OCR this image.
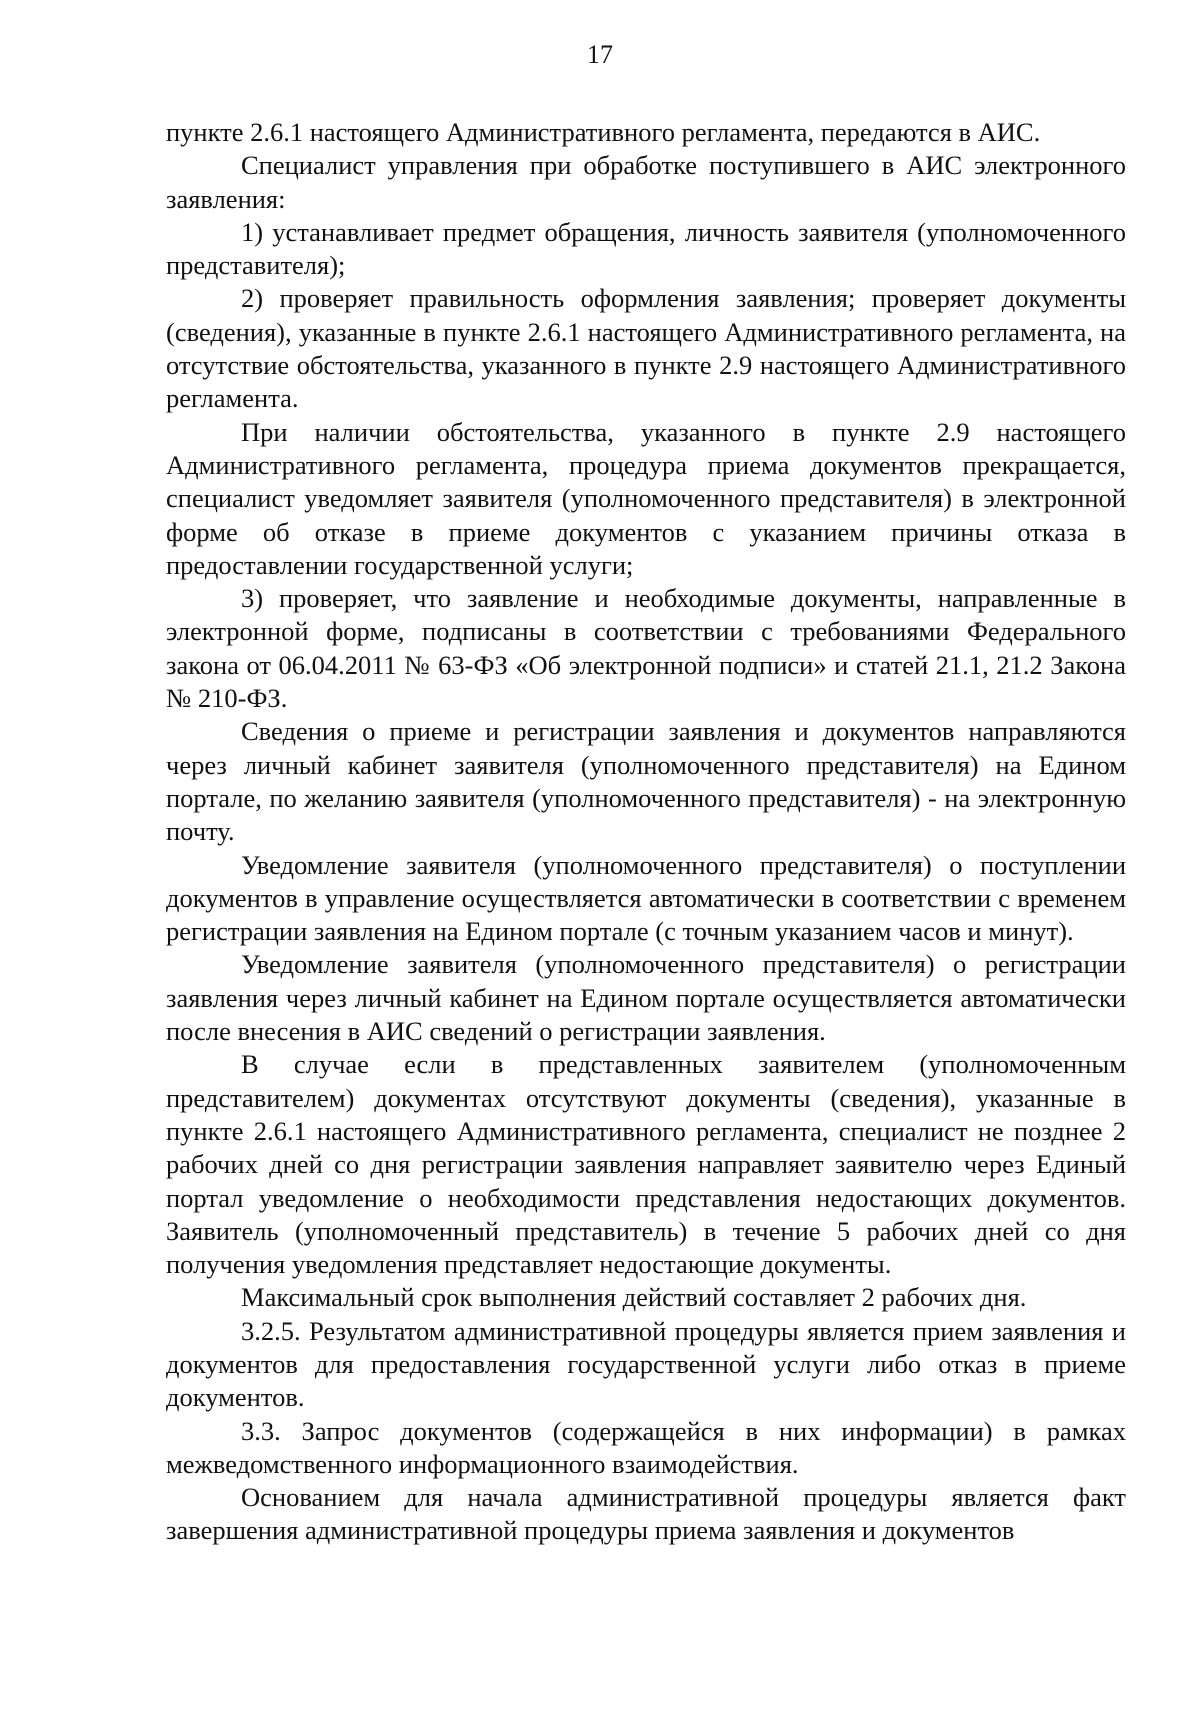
17

пункте 2.6.1 настоящего Административного регламента, передаются в АИС.

Специалист управления при обработке поступившего в АИС электронного заявления:

1) устанавливает предмет обращения, личность заявителя (уполномоченного представителя);

2) проверяет правильность оформления заявления; проверяет документы (сведения), указанные в пункте 2.6.1 настоящего Административного регламента, на отсутствие обстоятельства, указанного в пункте 2.9 настоящего Административного регламента.

При наличии обстоятельства, указанного в пункте 2.9 настоящего Административного регламента, процедура приема документов прекращается, специалист уведомляет заявителя (уполномоченного представителя) в электронной форме об отказе в приеме документов с указанием причины отказа в предоставлении государственной услуги;

3) проверяет, что заявление и необходимые документы, направленные в электронной форме, подписаны в соответствии с требованиями Федерального закона от 06.04.2011 № 63-ФЗ «Об электронной подписи» и статей 21.1, 21.2 Закона № 210-ФЗ.

Сведения о приеме и регистрации заявления и документов направляются через личный кабинет заявителя (уполномоченного представителя) на Едином портале, по желанию заявителя (уполномоченного представителя) - на электронную почту.

Уведомление заявителя (уполномоченного представителя) о поступлении документов в управление осуществляется автоматически в соответствии с временем регистрации заявления на Едином портале (с точным указанием часов и минут).

Уведомление заявителя (уполномоченного представителя) о регистрации заявления через личный кабинет на Едином портале осуществляется автоматически после внесения в АИС сведений о регистрации заявления.

В случае если в представленных заявителем (уполномоченным представителем) документах отсутствуют документы (сведения), указанные в пункте 2.6.1 настоящего Административного регламента, специалист не позднее 2 рабочих дней со дня регистрации заявления направляет заявителю через Единый портал уведомление о необходимости представления недостающих документов. Заявитель (уполномоченный представитель) в течение 5 рабочих дней со дня получения уведомления представляет недостающие документы.

Максимальный срок выполнения действий составляет 2 рабочих дня.

3.2.5. Результатом административной процедуры является прием заявления и документов для предоставления государственной услуги либо отказ в приеме документов.

3.3. Запрос документов (содержащейся в них информации) в рамках межведомственного информационного взаимодействия.

Основанием для начала административной процедуры является факт завершения административной процедуры приема заявления и документов
